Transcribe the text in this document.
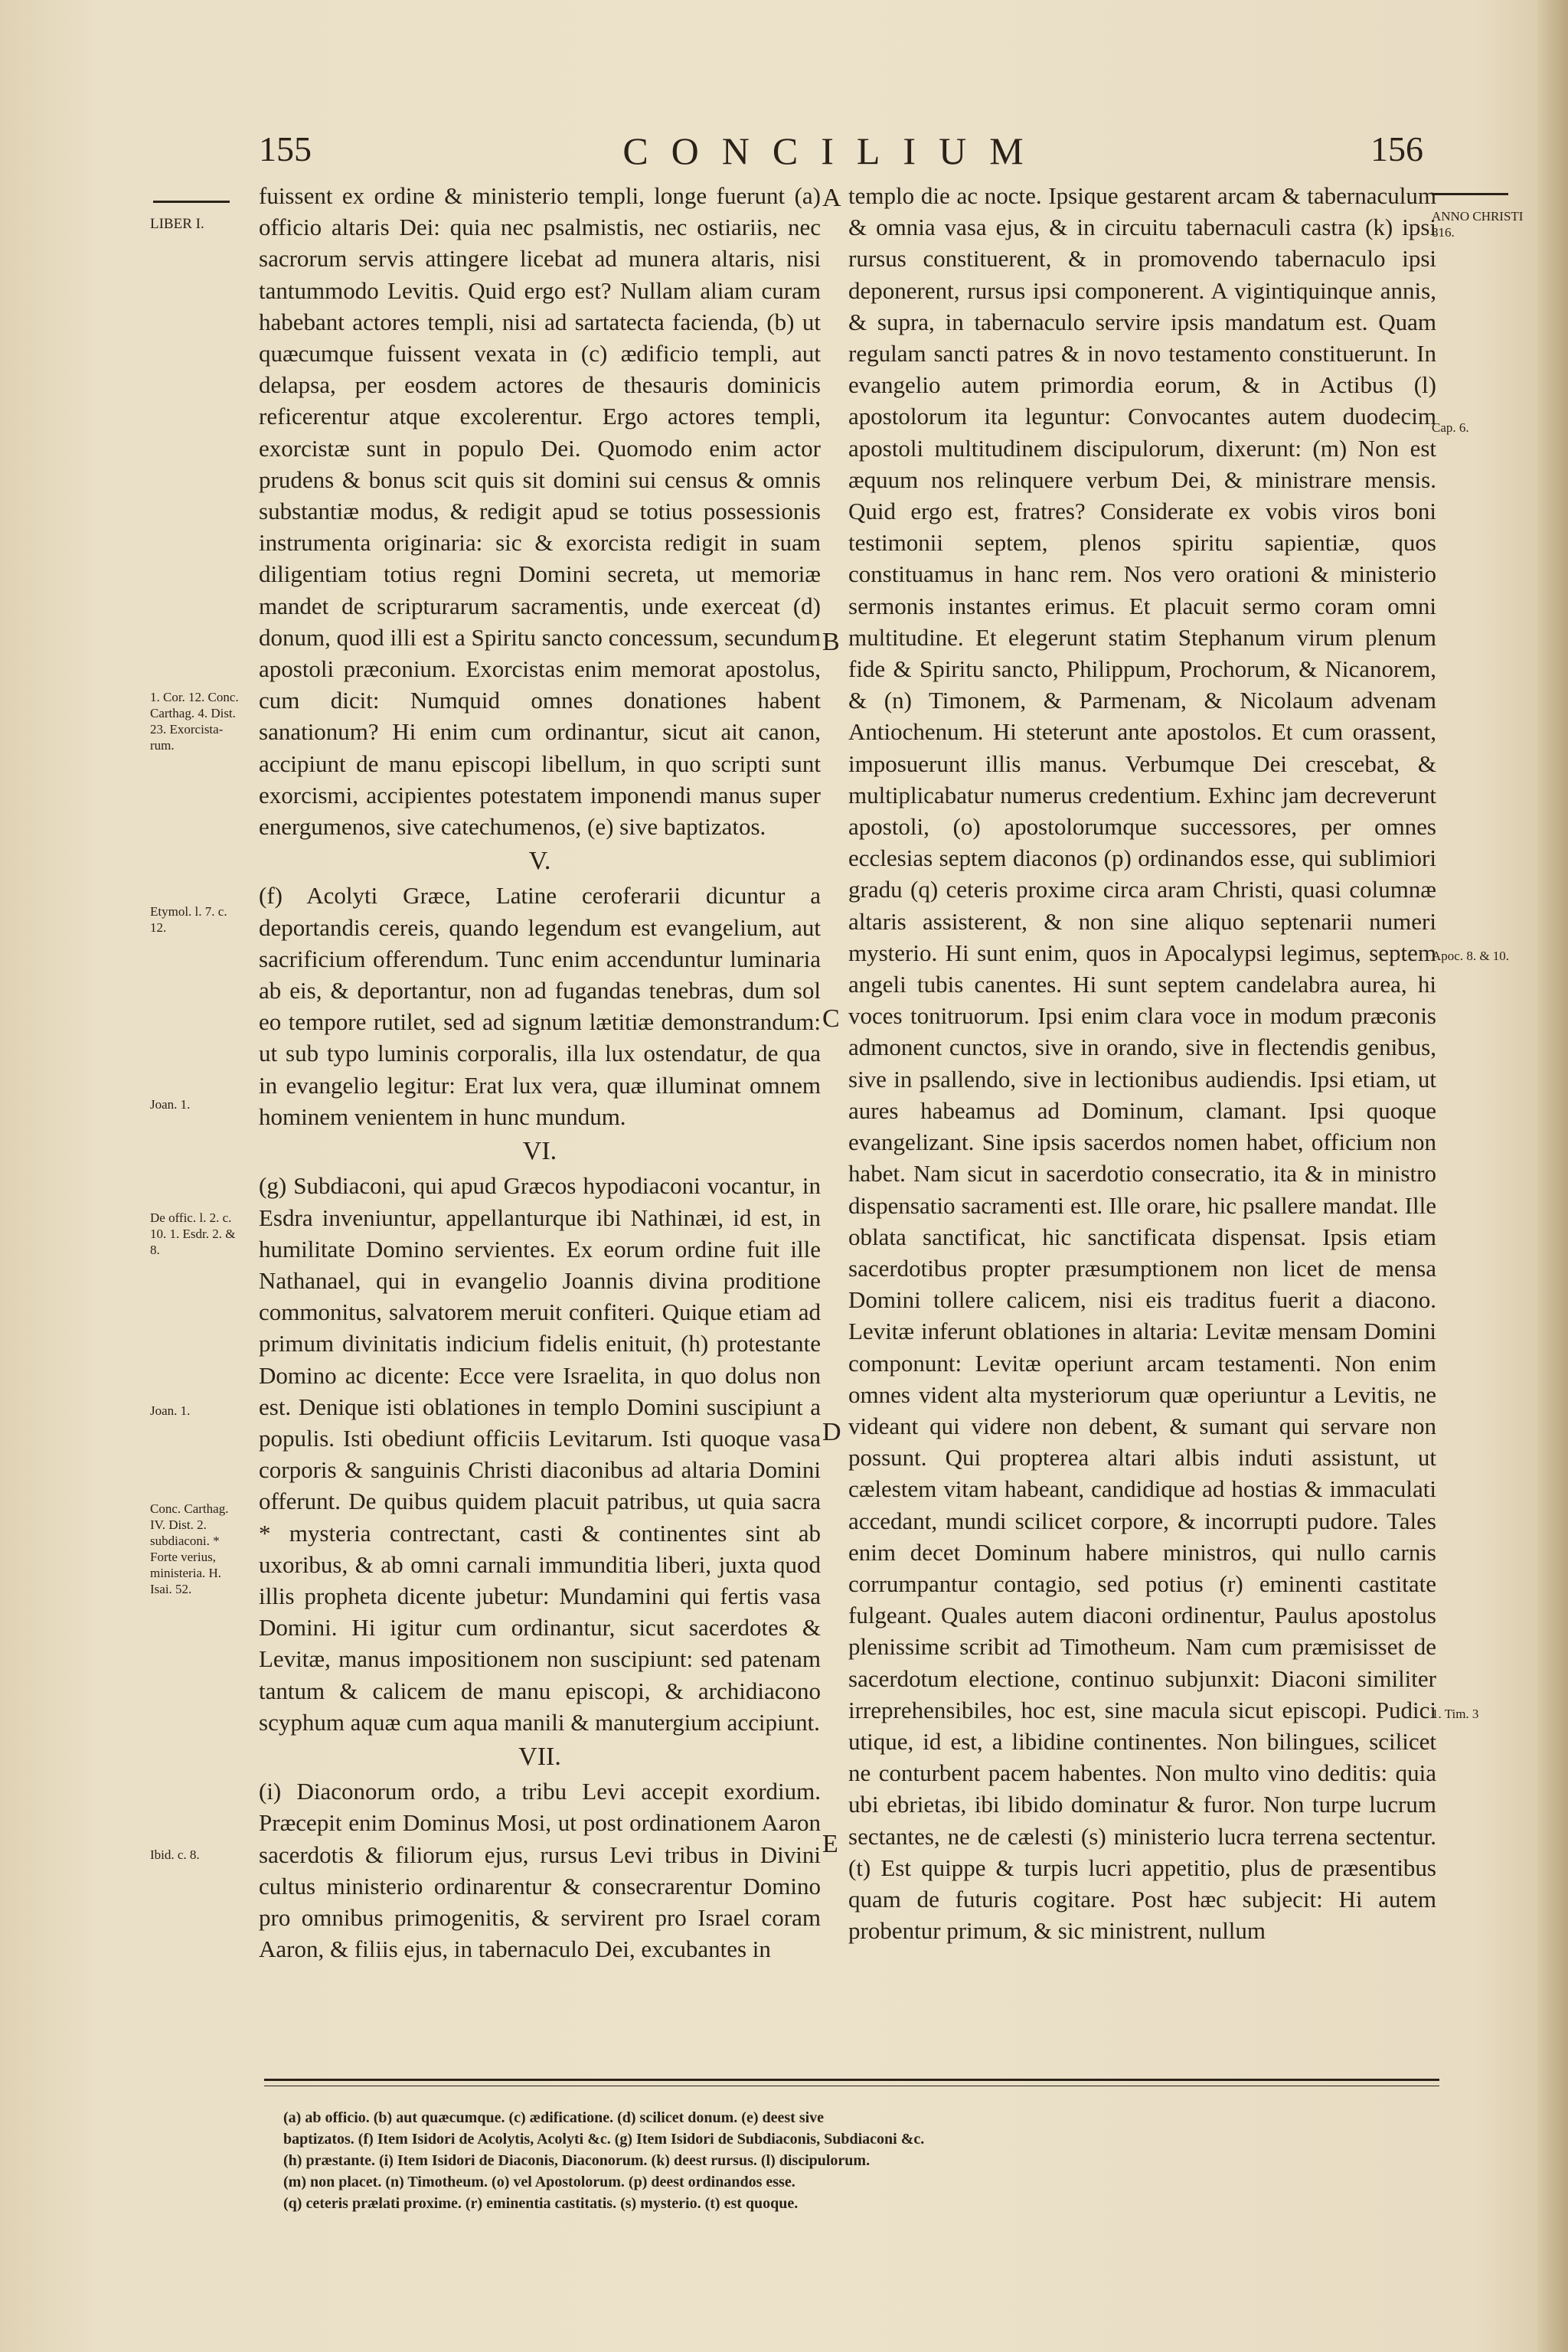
155	CONCILIUM	156
LIBER I.
1. Cor. 12. Conc. Carthag. 4. Dist. 23. Exorcista-rum.
Etymol. l. 7. c. 12.
Joan. 1.
De offic. l. 2. c. 10. 1. Esdr. 2. & 8.
Joan. 1.
Conc. Carthag. IV. Dist. 2. subdiaconi. * Forte verius, ministeria. H. Isai. 52.
Ibid. c. 8.
ANNO CHRISTI 816.
Cap. 6.
Apoc. 8. & 10.
1. Tim. 3
A
B
C
D
E

fuissent ex ordine & ministerio templi, longe fuerunt (a) officio altaris Dei: quia nec psalmistis, nec ostiariis, nec sacrorum servis attingere licebat ad munera altaris, nisi tantummodo Levitis. Quid ergo est? Nullam aliam curam habebant actores templi, nisi ad sartatecta facienda, (b) ut quæcumque fuissent vexata in (c) ædificio templi, aut delapsa, per eosdem actores de thesauris dominicis reficerentur atque excolerentur. Ergo actores templi, exorcistæ sunt in populo Dei. Quomodo enim actor prudens & bonus scit quis sit domini sui census & omnis substantiæ modus, & redigit apud se totius possessionis instrumenta originaria: sic & exorcista redigit in suam diligentiam totius regni Domini secreta, ut memoriæ mandet de scripturarum sacramentis, unde exerceat (d) donum, quod illi est a Spiritu sancto concessum, secundum apostoli præconium. Exorcistas enim memorat apostolus, cum dicit: Numquid omnes donationes habent sanationum? Hi enim cum ordinantur, sicut ait canon, accipiunt de manu episcopi libellum, in quo scripti sunt exorcismi, accipientes potestatem imponendi manus super energumenos, sive catechumenos, (e) sive baptizatos.

V.

(f) Acolyti Græce, Latine ceroferarii dicuntur a deportandis cereis, quando legendum est evangelium, aut sacrificium offerendum. Tunc enim accenduntur luminaria ab eis, & deportantur, non ad fugandas tenebras, dum sol eo tempore rutilet, sed ad signum lætitiæ demonstrandum: ut sub typo luminis corporalis, illa lux ostendatur, de qua in evangelio legitur: Erat lux vera, quæ illuminat omnem hominem venientem in hunc mundum.

VI.

(g) Subdiaconi, qui apud Græcos hypodiaconi vocantur, in Esdra inveniuntur, appellanturque ibi Nathinæi, id est, in humilitate Domino servientes. Ex eorum ordine fuit ille Nathanael, qui in evangelio Joannis divina proditione commonitus, salvatorem meruit confiteri. Quique etiam ad primum divinitatis indicium fidelis enituit, (h) protestante Domino ac dicente: Ecce vere Israelita, in quo dolus non est. Denique isti oblationes in templo Domini suscipiunt a populis. Isti obediunt officiis Levitarum. Isti quoque vasa corporis & sanguinis Christi diaconibus ad altaria Domini offerunt. De quibus quidem placuit patribus, ut quia sacra * mysteria contrectant, casti & continentes sint ab uxoribus, & ab omni carnali immunditia liberi, juxta quod illis propheta dicente jubetur: Mundamini qui fertis vasa Domini. Hi igitur cum ordinantur, sicut sacerdotes & Levitæ, manus impositionem non suscipiunt: sed patenam tantum & calicem de manu episcopi, & archidiacono scyphum aquæ cum aqua manili & manutergium accipiunt.

VII.

(i) Diaconorum ordo, a tribu Levi accepit exordium. Præcepit enim Dominus Mosi, ut post ordinationem Aaron sacerdotis & filiorum ejus, rursus Levi tribus in Divini cultus ministerio ordinarentur & consecrarentur Domino pro omnibus primogenitis, & servirent pro Israel coram Aaron, & filiis ejus, in tabernaculo Dei, excubantes in

templo die ac nocte. Ipsique gestarent arcam & tabernaculum & omnia vasa ejus, & in circuitu tabernaculi castra (k) ipsi rursus constituerent, & in promovendo tabernaculo ipsi deponerent, rursus ipsi componerent. A vigintiquinque annis, & supra, in tabernaculo servire ipsis mandatum est. Quam regulam sancti patres & in novo testamento constituerunt. In evangelio autem primordia eorum, & in Actibus (l) apostolorum ita leguntur: Convocantes autem duodecim apostoli multitudinem discipulorum, dixerunt: (m) Non est æquum nos relinquere verbum Dei, & ministrare mensis. Quid ergo est, fratres? Considerate ex vobis viros boni testimonii septem, plenos spiritu sapientiæ, quos constituamus in hanc rem. Nos vero orationi & ministerio sermonis instantes erimus. Et placuit sermo coram omni multitudine. Et elegerunt statim Stephanum virum plenum fide & Spiritu sancto, Philippum, Prochorum, & Nicanorem, & (n) Timonem, & Parmenam, & Nicolaum advenam Antiochenum. Hi steterunt ante apostolos. Et cum orassent, imposuerunt illis manus. Verbumque Dei crescebat, & multiplicabatur numerus credentium. Exhinc jam decreverunt apostoli, (o) apostolorumque successores, per omnes ecclesias septem diaconos (p) ordinandos esse, qui sublimiori gradu (q) ceteris proxime circa aram Christi, quasi columnæ altaris assisterent, & non sine aliquo septenarii numeri mysterio. Hi sunt enim, quos in Apocalypsi legimus, septem angeli tubis canentes. Hi sunt septem candelabra aurea, hi voces tonitruorum. Ipsi enim clara voce in modum præconis admonent cunctos, sive in orando, sive in flectendis genibus, sive in psallendo, sive in lectionibus audiendis. Ipsi etiam, ut aures habeamus ad Dominum, clamant. Ipsi quoque evangelizant. Sine ipsis sacerdos nomen habet, officium non habet. Nam sicut in sacerdotio consecratio, ita & in ministro dispensatio sacramenti est. Ille orare, hic psallere mandat. Ille oblata sanctificat, hic sanctificata dispensat. Ipsis etiam sacerdotibus propter præsumptionem non licet de mensa Domini tollere calicem, nisi eis traditus fuerit a diacono. Levitæ inferunt oblationes in altaria: Levitæ mensam Domini componunt: Levitæ operiunt arcam testamenti. Non enim omnes vident alta mysteriorum quæ operiuntur a Levitis, ne videant qui videre non debent, & sumant qui servare non possunt. Qui propterea altari albis induti assistunt, ut cælestem vitam habeant, candidique ad hostias & immaculati accedant, mundi scilicet corpore, & incorrupti pudore. Tales enim decet Dominum habere ministros, qui nullo carnis corrumpantur contagio, sed potius (r) eminenti castitate fulgeant. Quales autem diaconi ordinentur, Paulus apostolus plenissime scribit ad Timotheum. Nam cum præmisisset de sacerdotum electione, continuo subjunxit: Diaconi similiter irreprehensibiles, hoc est, sine macula sicut episcopi. Pudici utique, id est, a libidine continentes. Non bilingues, scilicet ne conturbent pacem habentes. Non multo vino deditis: quia ubi ebrietas, ibi libido dominatur & furor. Non turpe lucrum sectantes, ne de cælesti (s) ministerio lucra terrena sectentur. (t) Est quippe & turpis lucri appetitio, plus de præsentibus quam de futuris cogitare. Post hæc subjecit: Hi autem probentur primum, & sic ministrent, nullum

(a) ab officio. (b) aut quæcumque. (c) ædificatione. (d) scilicet donum. (e) deest sive

baptizatos. (f) Item Isidori de Acolytis, Acolyti &c. (g) Item Isidori de Subdiaconis, Subdiaconi &c.

(h) præstante. (i) Item Isidori de Diaconis, Diaconorum. (k) deest rursus. (l) discipulorum.

(m) non placet. (n) Timotheum. (o) vel Apostolorum. (p) deest ordinandos esse.

(q) ceteris prælati proxime. (r) eminentia castitatis. (s) mysterio. (t) est quoque.
